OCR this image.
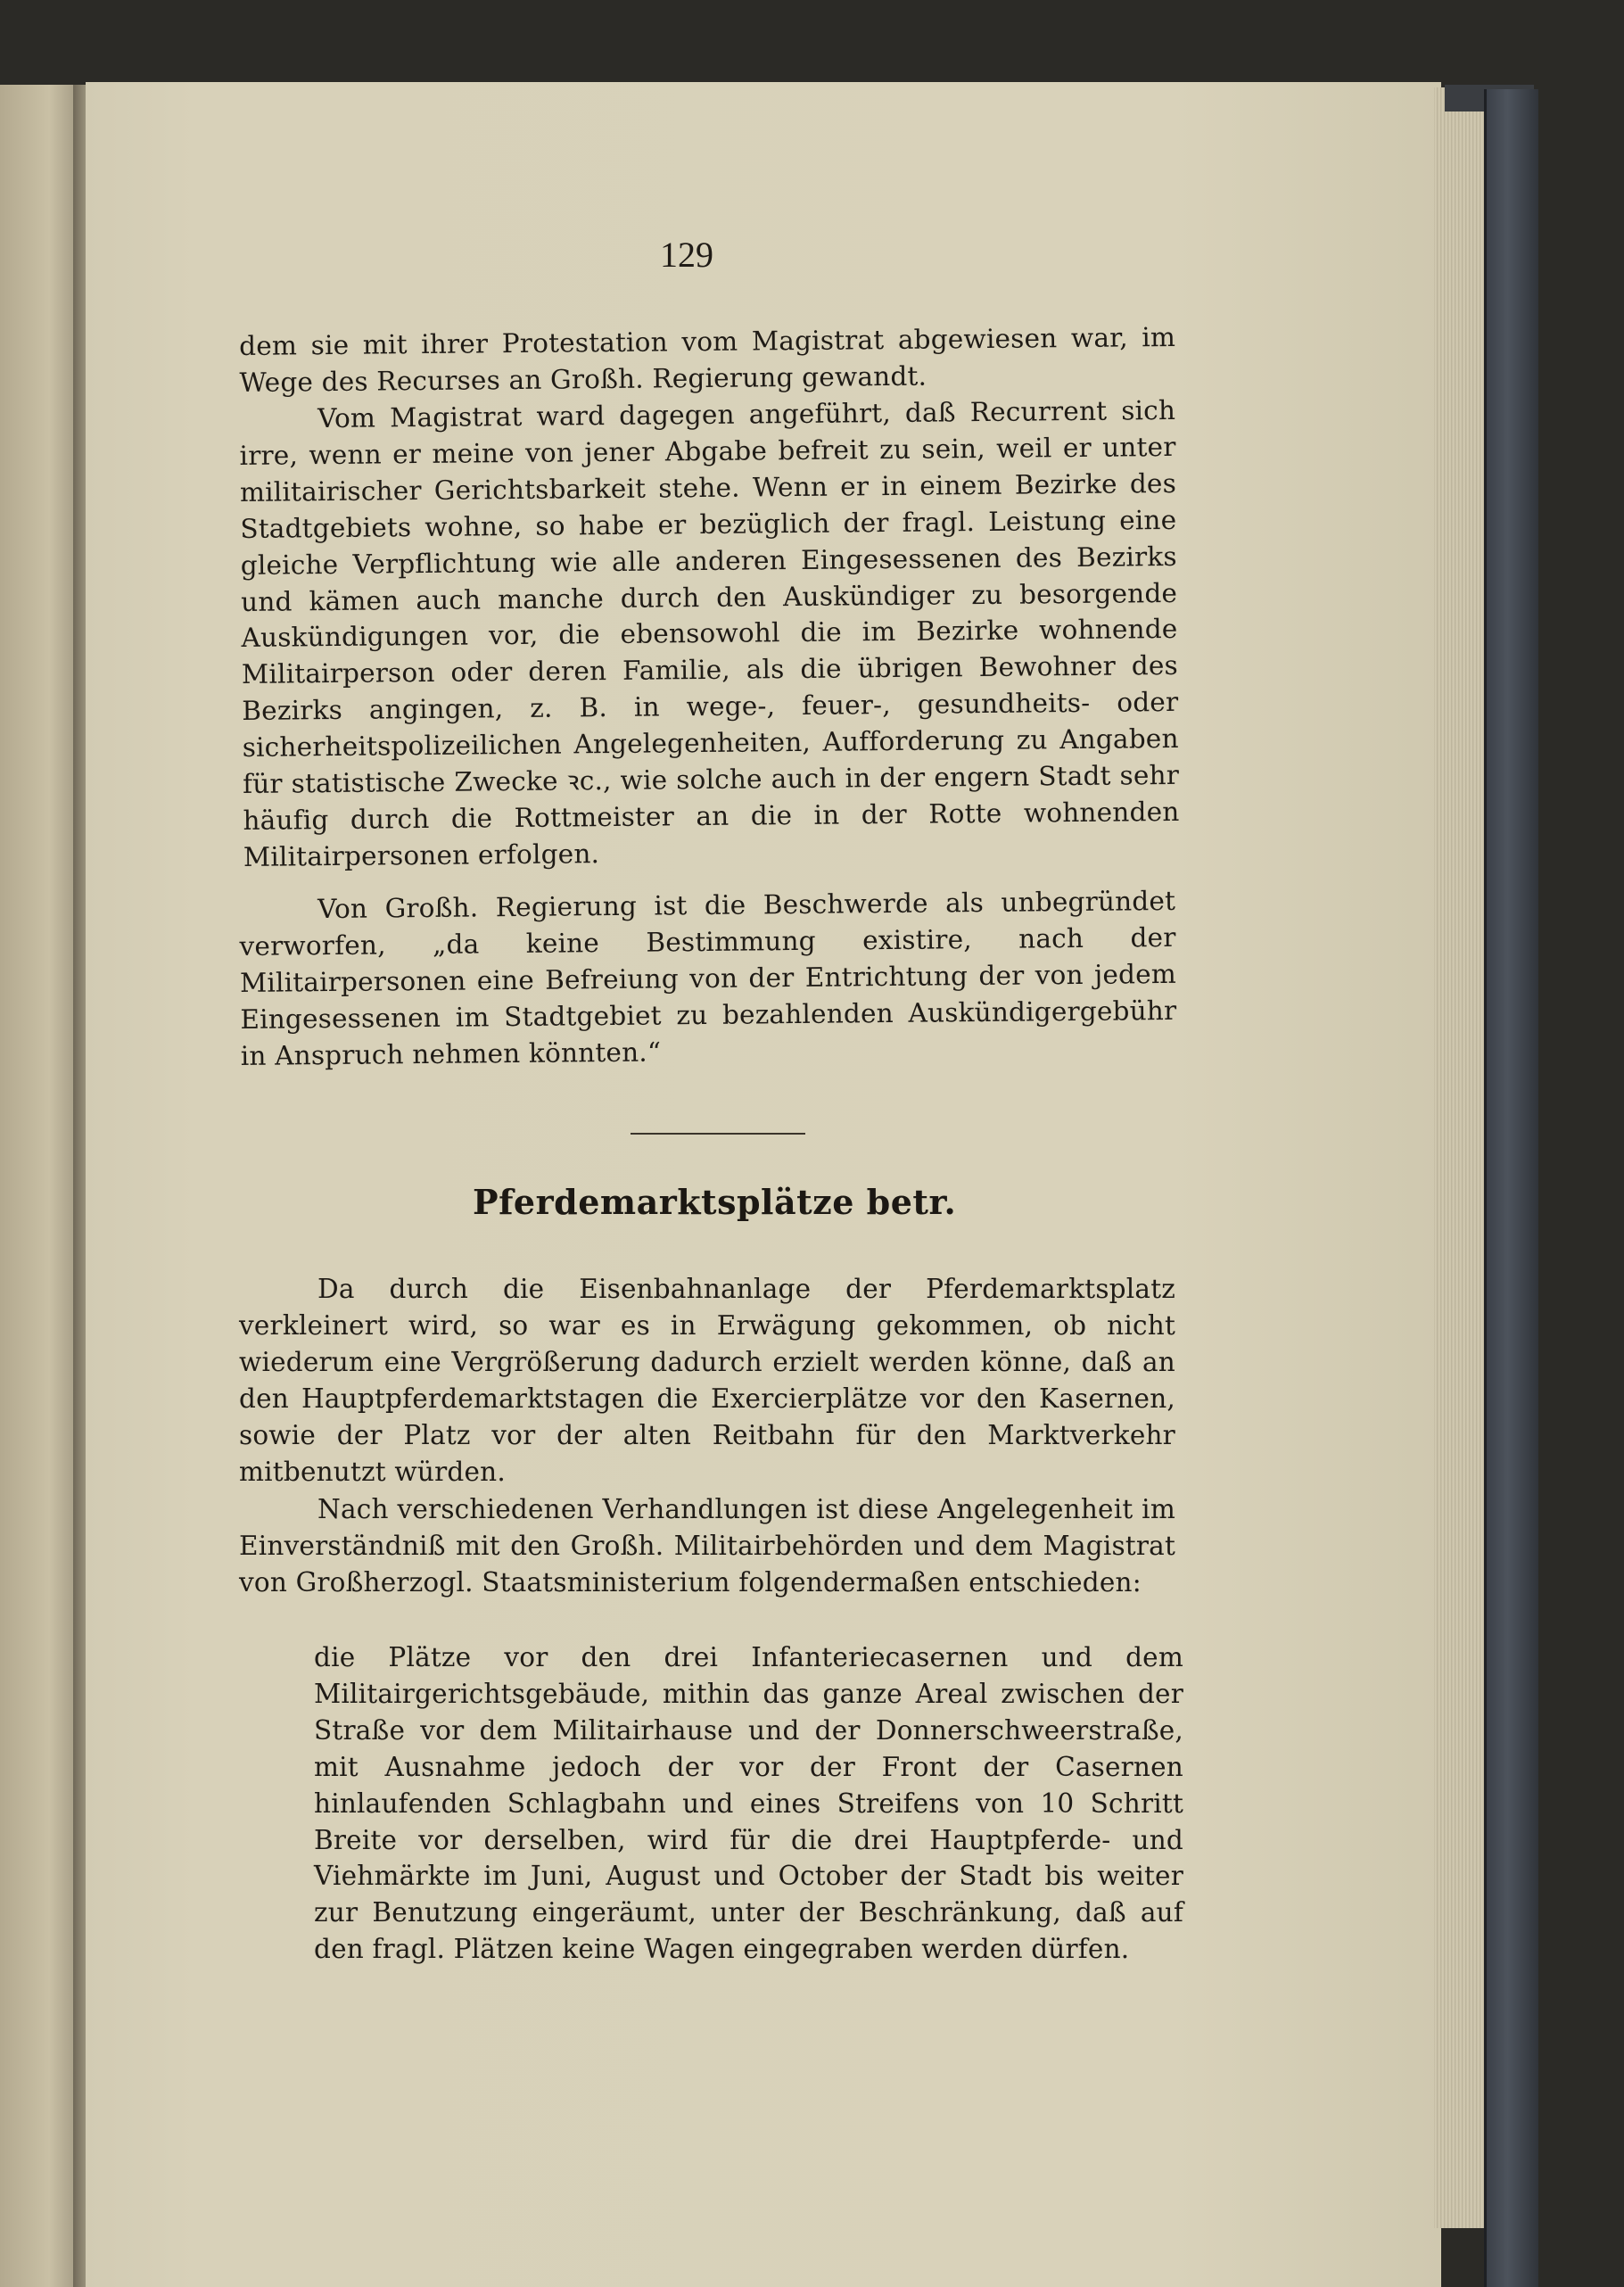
129

dem sie mit ihrer Protestation vom Magistrat abgewiesen war, im Wege des Recurses an Großh. Regierung gewandt.

Vom Magistrat ward dagegen angeführt, daß Recurrent sich irre, wenn er meine von jener Abgabe befreit zu sein, weil er unter militairischer Gerichtsbarkeit stehe. Wenn er in einem Bezirke des Stadtgebiets wohne, so habe er bezüglich der fragl. Leistung eine gleiche Verpflichtung wie alle anderen Eingesessenen des Bezirks und kämen auch manche durch den Auskündiger zu besorgende Auskündigungen vor, die ebensowohl die im Bezirke wohnende Militairperson oder deren Familie, als die übrigen Bewohner des Bezirks angingen, z. B. in wege-, feuer-, gesundheits- oder sicherheitspolizeilichen Angelegenheiten, Aufforderung zu Angaben für statistische Zwecke ꝛc., wie solche auch in der engern Stadt sehr häufig durch die Rottmeister an die in der Rotte wohnenden Militairpersonen erfolgen.

Von Großh. Regierung ist die Beschwerde als unbegründet verworfen, „da keine Bestimmung existire, nach der Militairpersonen eine Befreiung von der Entrichtung der von jedem Eingesessenen im Stadtgebiet zu bezahlenden Auskündigergebühr in Anspruch nehmen könnten.“

Pferdemarktsplätze betr.

Da durch die Eisenbahnanlage der Pferdemarktsplatz verkleinert wird, so war es in Erwägung gekommen, ob nicht wiederum eine Vergrößerung dadurch erzielt werden könne, daß an den Hauptpferdemarktstagen die Exercierplätze vor den Kasernen, sowie der Platz vor der alten Reitbahn für den Marktverkehr mitbenutzt würden.

Nach verschiedenen Verhandlungen ist diese Angelegenheit im Einverständniß mit den Großh. Militairbehörden und dem Magistrat von Großherzogl. Staatsministerium folgendermaßen entschieden:

die Plätze vor den drei Infanteriecasernen und dem Militairgerichtsgebäude, mithin das ganze Areal zwischen der Straße vor dem Militairhause und der Donnerschweerstraße, mit Ausnahme jedoch der vor der Front der Casernen hinlaufenden Schlagbahn und eines Streifens von 10 Schritt Breite vor derselben, wird für die drei Hauptpferde- und Viehmärkte im Juni, August und October der Stadt bis weiter zur Benutzung eingeräumt, unter der Beschränkung, daß auf den fragl. Plätzen keine Wagen eingegraben werden dürfen.
